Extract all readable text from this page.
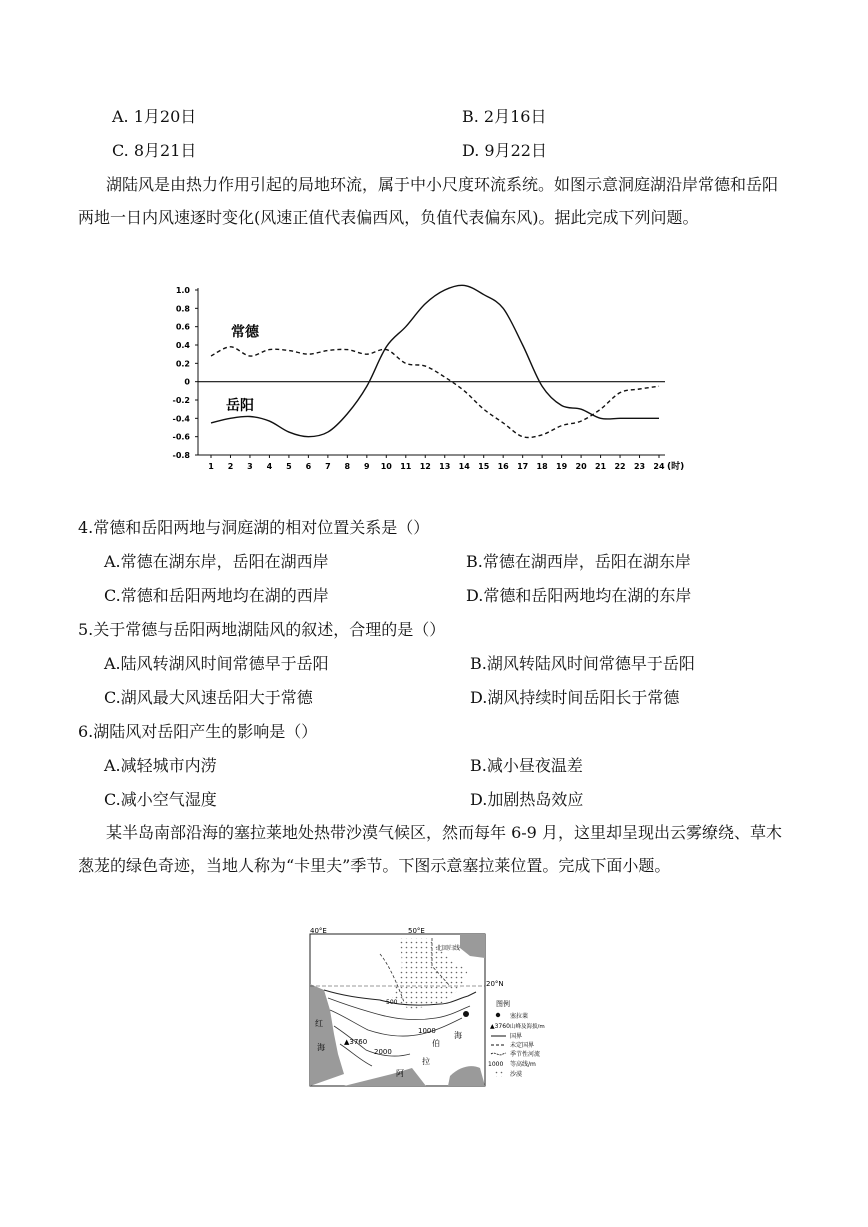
A. 1月20日	B. 2月16日
C. 8月21日	D. 9月22日
湖陆风是由热力作用引起的局地环流，属于中小尺度环流系统。如图示意洞庭湖沿岸常德和岳阳两地一日内风速逐时变化(风速正值代表偏西风，负值代表偏东风)。据此完成下列问题。
1.0
0.8
0.6
0.4
0.2
0
-0.2
-0.4
-0.6
-0.8
1 2 3 4 5 6 7 8 9 10 11 12 13 14 15 16 17 18 19 20 21 22 23 24 (时)
常德
岳阳
4.常德和岳阳两地与洞庭湖的相对位置关系是（）
A.常德在湖东岸，岳阳在湖西岸	B.常德在湖西岸，岳阳在湖东岸
C.常德和岳阳两地均在湖的西岸	D.常德和岳阳两地均在湖的东岸
5.关于常德与岳阳两地湖陆风的叙述，合理的是（）
A.陆风转湖风时间常德早于岳阳	B.湖风转陆风时间常德早于岳阳
C.湖风最大风速岳阳大于常德	D.湖风持续时间岳阳长于常德
6.湖陆风对岳阳产生的影响是（）
A.减轻城市内涝	B.减小昼夜温差
C.减小空气湿度	D.加剧热岛效应
某半岛南部沿海的塞拉莱地处热带沙漠气候区，然而每年 6-9 月，这里却呈现出云雾缭绕、草木葱茏的绿色奇迹，当地人称为“卡里夫”季节。下图示意塞拉莱位置。完成下面小题。
40°E	50°E
20°N
北回归线
500
1000
2000
▲3760
红
海
阿
拉
伯
海
图例
塞拉莱
▲3760 山峰及海拔/m
国界
未定国界
季节性河流
1000 等高线/m
沙漠
